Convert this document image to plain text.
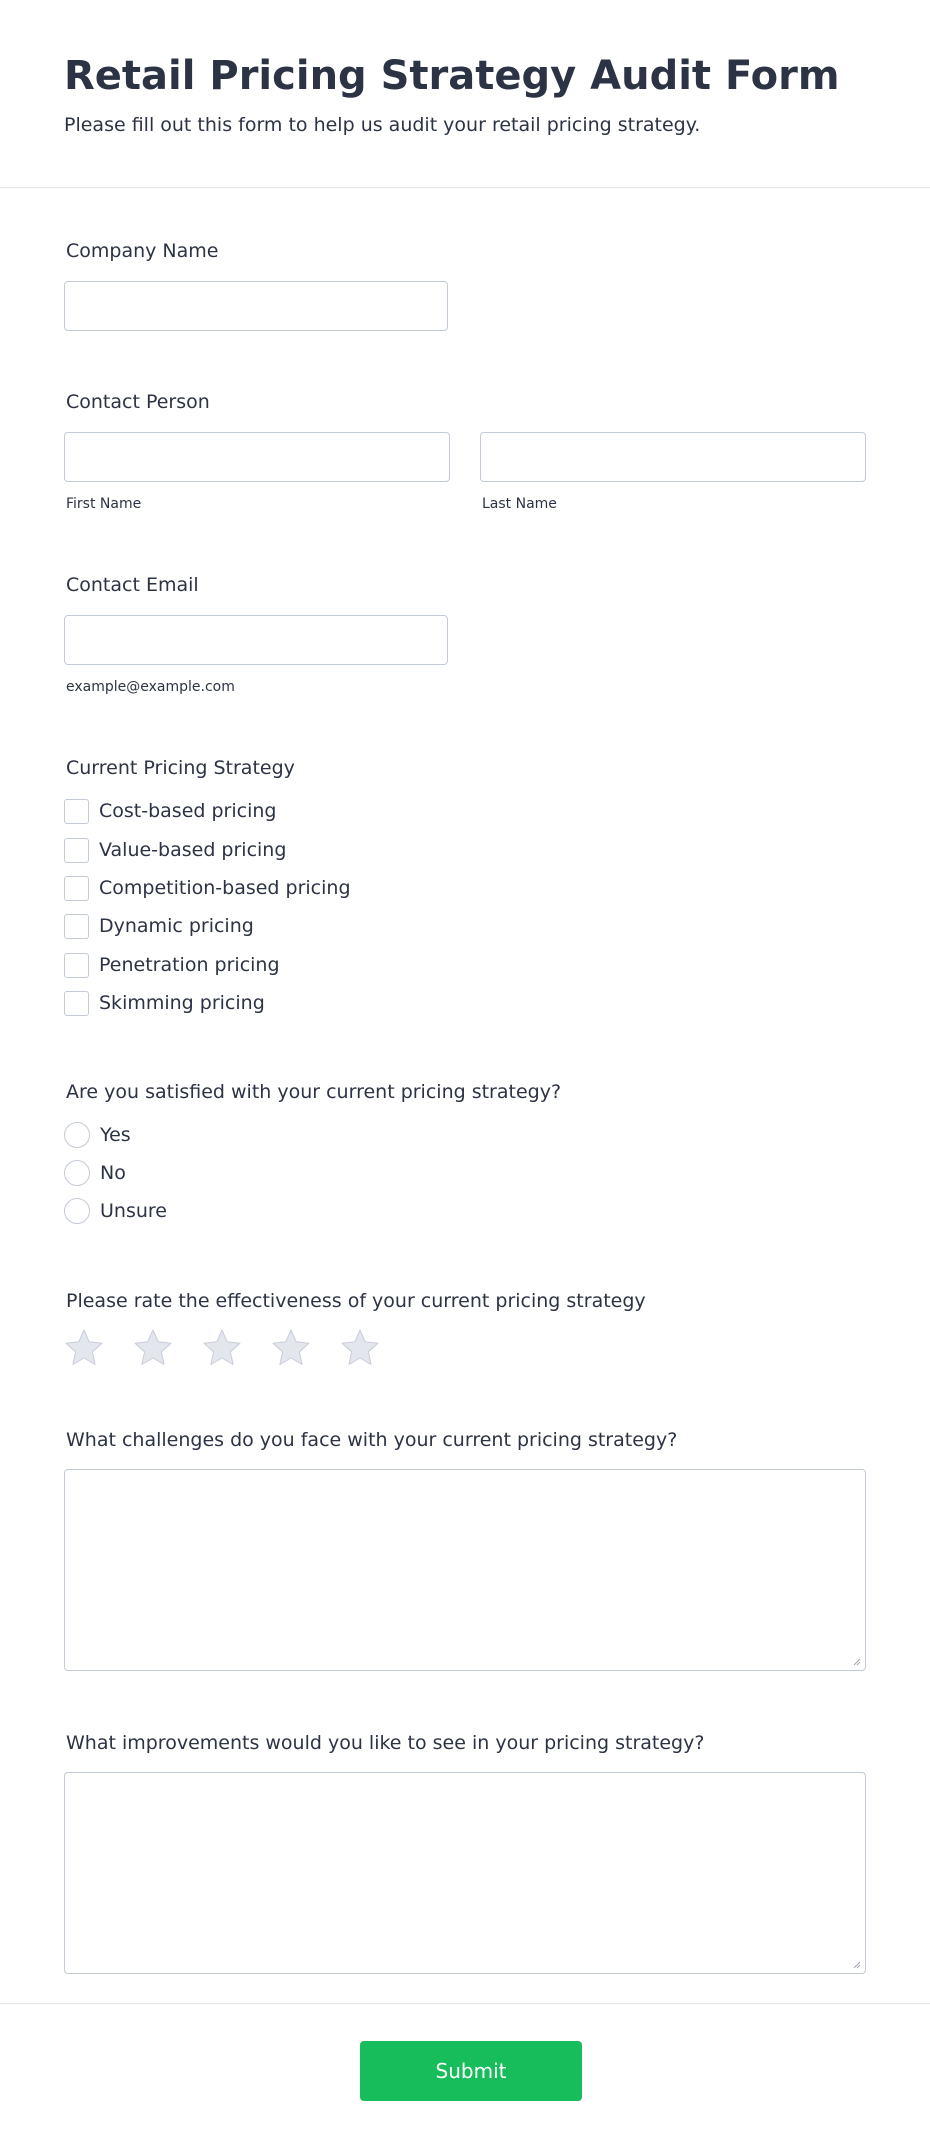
Retail Pricing Strategy Audit Form

Please fill out this form to help us audit your retail pricing strategy.

Company Name
Contact Person
First Name	Last Name
Contact Email
example@example.com
Current Pricing Strategy
Cost-based pricing
Value-based pricing
Competition-based pricing
Dynamic pricing
Penetration pricing
Skimming pricing
Are you satisfied with your current pricing strategy?
Yes
No
Unsure
Please rate the effectiveness of your current pricing strategy
What challenges do you face with your current pricing strategy?
What improvements would you like to see in your pricing strategy?
Submit
